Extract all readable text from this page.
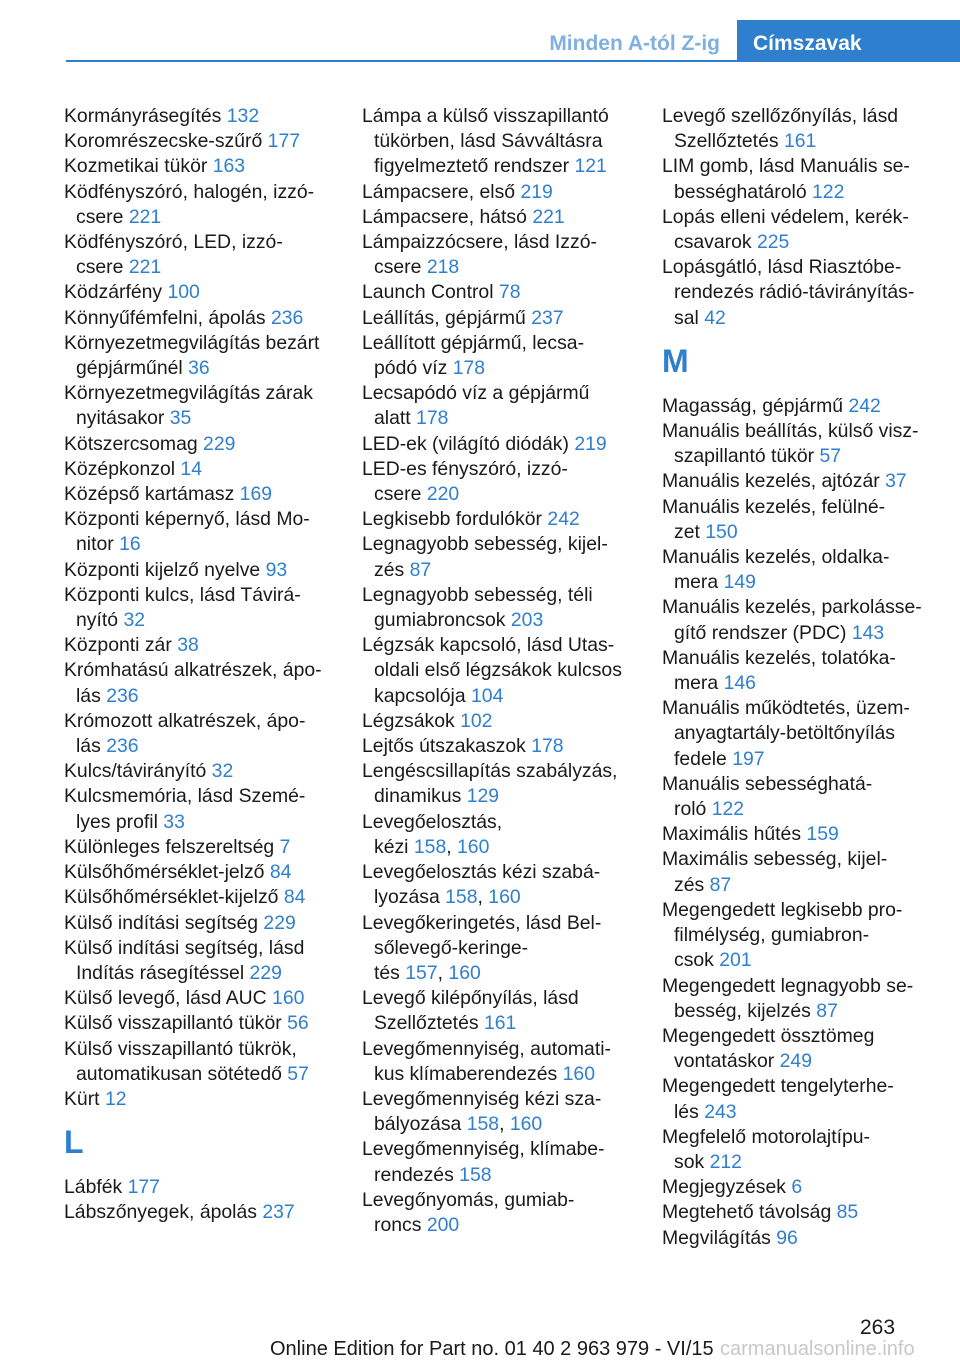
Minden A-tól Z-ig	Címszavak
Kormányrásegítés 132
Koromrészecske-szűrő 177
Kozmetikai tükör 163
Ködfényszóró, halogén, izzó-
csere 221
Ködfényszóró, LED, izzó-
csere 221
Ködzárfény 100
Könnyűfémfelni, ápolás 236
Környezetmegvilágítás bezárt
gépjárműnél 36
Környezetmegvilágítás zárak
nyitásakor 35
Kötszercsomag 229
Középkonzol 14
Középső kartámasz 169
Központi képernyő, lásd Mo-
nitor 16
Központi kijelző nyelve 93
Központi kulcs, lásd Távirá-
nyító 32
Központi zár 38
Krómhatású alkatrészek, ápo-
lás 236
Krómozott alkatrészek, ápo-
lás 236
Kulcs/távirányító 32
Kulcsmemória, lásd Szemé-
lyes profil 33
Különleges felszereltség 7
Külsőhőmérséklet-jelző 84
Külsőhőmérséklet-kijelző 84
Külső indítási segítség 229
Külső indítási segítség, lásd
Indítás rásegítéssel 229
Külső levegő, lásd AUC 160
Külső visszapillantó tükör 56
Külső visszapillantó tükrök,
automatikusan sötétedő 57
Kürt 12
L
Lábfék 177
Lábszőnyegek, ápolás 237
Lámpa a külső visszapillantó
tükörben, lásd Sávváltásra
figyelmeztető rendszer 121
Lámpacsere, első 219
Lámpacsere, hátsó 221
Lámpaizzócsere, lásd Izzó-
csere 218
Launch Control 78
Leállítás, gépjármű 237
Leállított gépjármű, lecsa-
pódó víz 178
Lecsapódó víz a gépjármű
alatt 178
LED-ek (világító diódák) 219
LED-es fényszóró, izzó-
csere 220
Legkisebb fordulókör 242
Legnagyobb sebesség, kijel-
zés 87
Legnagyobb sebesség, téli
gumiabroncsok 203
Légzsák kapcsoló, lásd Utas-
oldali első légzsákok kulcsos
kapcsolója 104
Légzsákok 102
Lejtős útszakaszok 178
Lengéscsillapítás szabályzás,
dinamikus 129
Levegőelosztás,
kézi 158, 160
Levegőelosztás kézi szabá-
lyozása 158, 160
Levegőkeringetés, lásd Bel-
sőlevegő-keringe-
tés 157, 160
Levegő kilépőnyílás, lásd
Szellőztetés 161
Levegőmennyiség, automati-
kus klímaberendezés 160
Levegőmennyiség kézi sza-
bályozása 158, 160
Levegőmennyiség, klímabe-
rendezés 158
Levegőnyomás, gumiab-
roncs 200
Levegő szellőzőnyílás, lásd
Szellőztetés 161
LIM gomb, lásd Manuális se-
bességhatároló 122
Lopás elleni védelem, kerék-
csavarok 225
Lopásgátló, lásd Riasztóbe-
rendezés rádió-távirányítás-
sal 42
M
Magasság, gépjármű 242
Manuális beállítás, külső visz-
szapillantó tükör 57
Manuális kezelés, ajtózár 37
Manuális kezelés, felülné-
zet 150
Manuális kezelés, oldalka-
mera 149
Manuális kezelés, parkolásse-
gítő rendszer (PDC) 143
Manuális kezelés, tolatóka-
mera 146
Manuális működtetés, üzem-
anyagtartály-betöltőnyílás
fedele 197
Manuális sebességhatá-
roló 122
Maximális hűtés 159
Maximális sebesség, kijel-
zés 87
Megengedett legkisebb pro-
filmélység, gumiabron-
csok 201
Megengedett legnagyobb se-
besség, kijelzés 87
Megengedett össztömeg
vontatáskor 249
Megengedett tengelyterhe-
lés 243
Megfelelő motorolajtípu-
sok 212
Megjegyzések 6
Megtehető távolság 85
Megvilágítás 96
263
Online Edition for Part no. 01 40 2 963 979 - VI/15 carmanualsonline.info
